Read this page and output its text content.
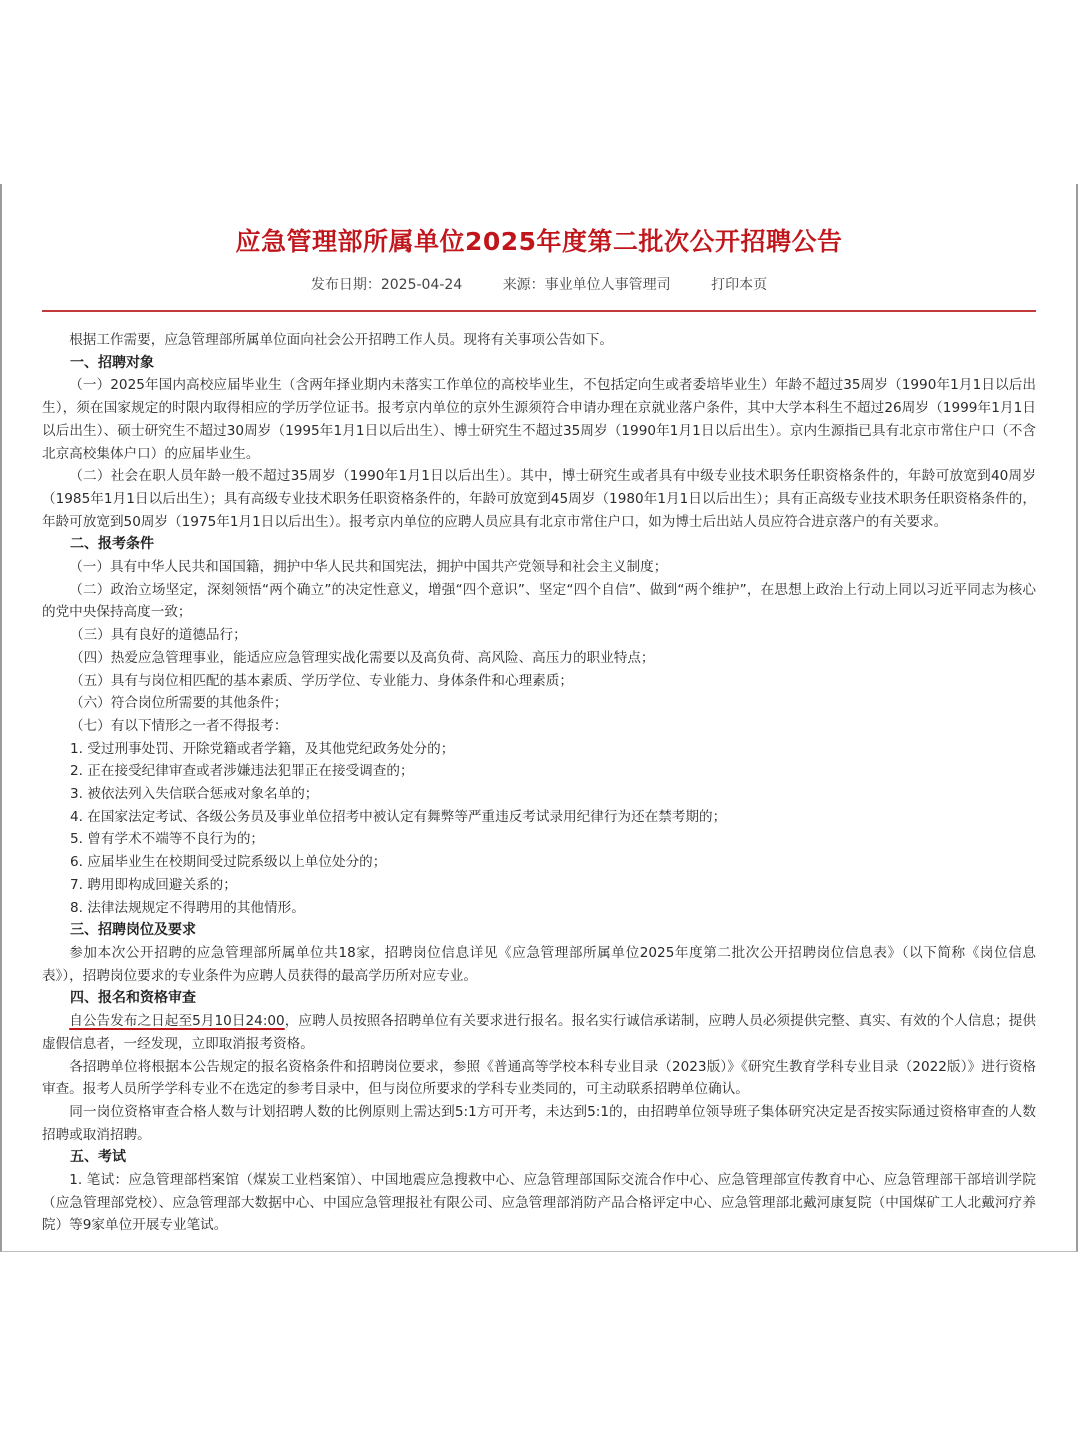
应急管理部所属单位2025年度第二批次公开招聘公告
发布日期：2025-04-24	来源：事业单位人事管理司	打印本页

根据工作需要，应急管理部所属单位面向社会公开招聘工作人员。现将有关事项公告如下。

一、招聘对象

（一）2025年国内高校应届毕业生（含两年择业期内未落实工作单位的高校毕业生，不包括定向生或者委培毕业生）年龄不超过35周岁（1990年1月1日以后出生），须在国家规定的时限内取得相应的学历学位证书。报考京内单位的京外生源须符合申请办理在京就业落户条件，其中大学本科生不超过26周岁（1999年1月1日以后出生）、硕士研究生不超过30周岁（1995年1月1日以后出生）、博士研究生不超过35周岁（1990年1月1日以后出生）。京内生源指已具有北京市常住户口（不含北京高校集体户口）的应届毕业生。

（二）社会在职人员年龄一般不超过35周岁（1990年1月1日以后出生）。其中，博士研究生或者具有中级专业技术职务任职资格条件的，年龄可放宽到40周岁（1985年1月1日以后出生）；具有高级专业技术职务任职资格条件的，年龄可放宽到45周岁（1980年1月1日以后出生）；具有正高级专业技术职务任职资格条件的，年龄可放宽到50周岁（1975年1月1日以后出生）。报考京内单位的应聘人员应具有北京市常住户口，如为博士后出站人员应符合进京落户的有关要求。

二、报考条件

（一）具有中华人民共和国国籍，拥护中华人民共和国宪法，拥护中国共产党领导和社会主义制度；

（二）政治立场坚定，深刻领悟“两个确立”的决定性意义，增强“四个意识”、坚定“四个自信”、做到“两个维护”，在思想上政治上行动上同以习近平同志为核心的党中央保持高度一致；

（三）具有良好的道德品行；
（四）热爱应急管理事业，能适应应急管理实战化需要以及高负荷、高风险、高压力的职业特点；
（五）具有与岗位相匹配的基本素质、学历学位、专业能力、身体条件和心理素质；
（六）符合岗位所需要的其他条件；
（七）有以下情形之一者不得报考：
1. 受过刑事处罚、开除党籍或者学籍，及其他党纪政务处分的；
2. 正在接受纪律审查或者涉嫌违法犯罪正在接受调查的；
3. 被依法列入失信联合惩戒对象名单的；
4. 在国家法定考试、各级公务员及事业单位招考中被认定有舞弊等严重违反考试录用纪律行为还在禁考期的；
5. 曾有学术不端等不良行为的；
6. 应届毕业生在校期间受过院系级以上单位处分的；
7. 聘用即构成回避关系的；
8. 法律法规规定不得聘用的其他情形。
三、招聘岗位及要求

参加本次公开招聘的应急管理部所属单位共18家，招聘岗位信息详见《应急管理部所属单位2025年度第二批次公开招聘岗位信息表》（以下简称《岗位信息表》），招聘岗位要求的专业条件为应聘人员获得的最高学历所对应专业。

四、报名和资格审查

自公告发布之日起至5月10日24:00，应聘人员按照各招聘单位有关要求进行报名。报名实行诚信承诺制，应聘人员必须提供完整、真实、有效的个人信息；提供虚假信息者，一经发现，立即取消报考资格。

各招聘单位将根据本公告规定的报名资格条件和招聘岗位要求，参照《普通高等学校本科专业目录（2023版）》《研究生教育学科专业目录（2022版）》进行资格审查。报考人员所学学科专业不在选定的参考目录中，但与岗位所要求的学科专业类同的，可主动联系招聘单位确认。

同一岗位资格审查合格人数与计划招聘人数的比例原则上需达到5:1方可开考，未达到5:1的，由招聘单位领导班子集体研究决定是否按实际通过资格审查的人数招聘或取消招聘。

五、考试

1. 笔试：应急管理部档案馆（煤炭工业档案馆）、中国地震应急搜救中心、应急管理部国际交流合作中心、应急管理部宣传教育中心、应急管理部干部培训学院（应急管理部党校）、应急管理部大数据中心、中国应急管理报社有限公司、应急管理部消防产品合格评定中心、应急管理部北戴河康复院（中国煤矿工人北戴河疗养院）等9家单位开展专业笔试。
